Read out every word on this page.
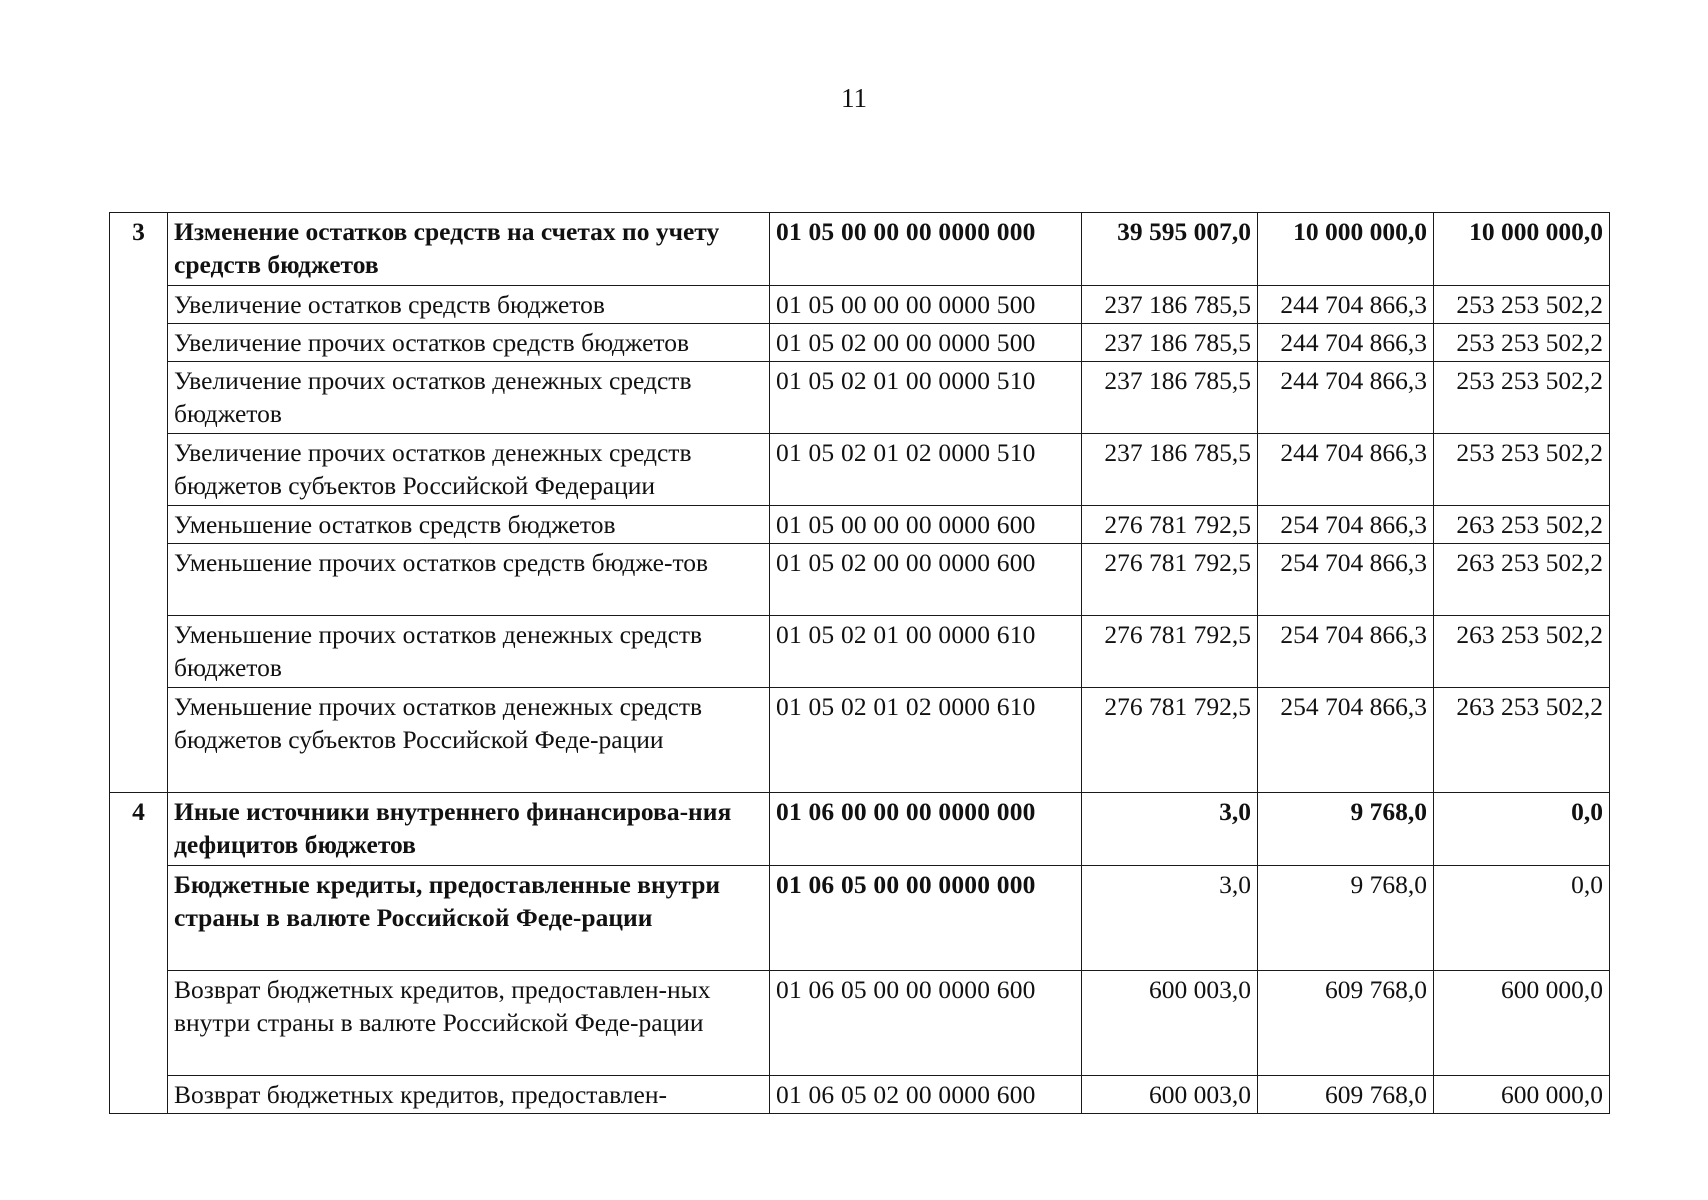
11
3	Изменение остатков средств на счетах по учету средств бюджетов	01 05 00 00 00 0000 000	39 595 007,0	10 000 000,0	10 000 000,0
	Увеличение остатков средств бюджетов	01 05 00 00 00 0000 500	237 186 785,5	244 704 866,3	253 253 502,2
	Увеличение прочих остатков средств бюджетов	01 05 02 00 00 0000 500	237 186 785,5	244 704 866,3	253 253 502,2
	Увеличение прочих остатков денежных средств бюджетов	01 05 02 01 00 0000 510	237 186 785,5	244 704 866,3	253 253 502,2
	Увеличение прочих остатков денежных средств бюджетов субъектов Российской Федерации	01 05 02 01 02 0000 510	237 186 785,5	244 704 866,3	253 253 502,2
	Уменьшение остатков средств бюджетов	01 05 00 00 00 0000 600	276 781 792,5	254 704 866,3	263 253 502,2
	Уменьшение прочих остатков средств бюдже-тов	01 05 02 00 00 0000 600	276 781 792,5	254 704 866,3	263 253 502,2
	Уменьшение прочих остатков денежных средств бюджетов	01 05 02 01 00 0000 610	276 781 792,5	254 704 866,3	263 253 502,2
	Уменьшение прочих остатков денежных средств бюджетов субъектов Российской Феде-рации	01 05 02 01 02 0000 610	276 781 792,5	254 704 866,3	263 253 502,2
4	Иные источники внутреннего финансирова-ния дефицитов бюджетов	01 06 00 00 00 0000 000	3,0	9 768,0	0,0
	Бюджетные кредиты, предоставленные внутри страны в валюте Российской Феде-рации	01 06 05 00 00 0000 000	3,0	9 768,0	0,0
	Возврат бюджетных кредитов, предоставлен-ных внутри страны в валюте Российской Феде-рации	01 06 05 00 00 0000 600	600 003,0	609 768,0	600 000,0
	Возврат бюджетных кредитов, предоставлен-	01 06 05 02 00 0000 600	600 003,0	609 768,0	600 000,0
